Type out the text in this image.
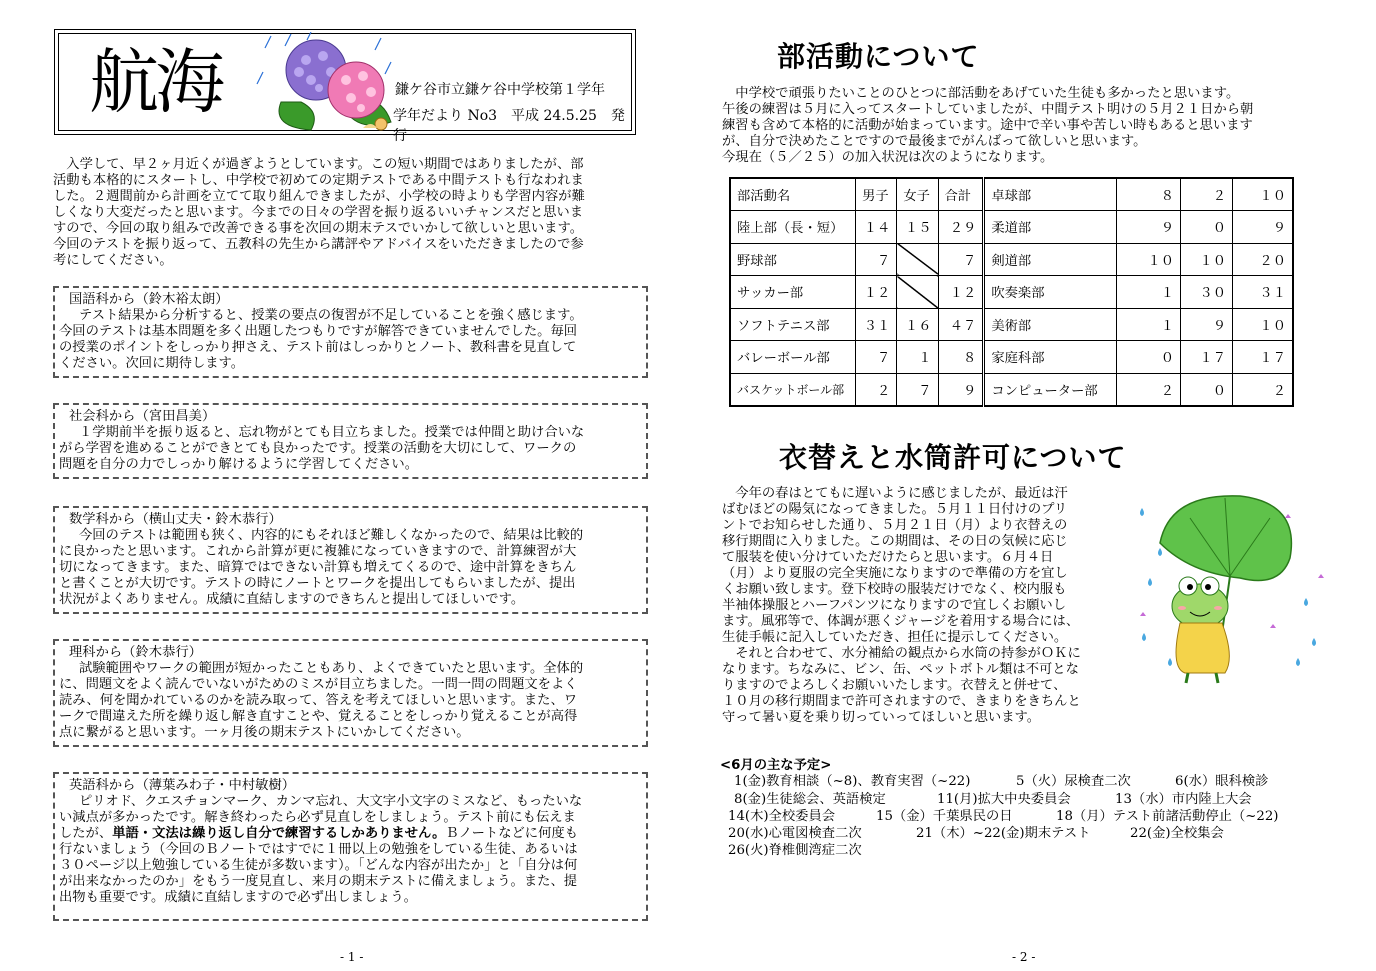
航海	鎌ケ谷市立鎌ケ谷中学校第１学年
学年だより No3　平成 24.5.25　発行
入学して、早２ヶ月近くが過ぎようとしています。この短い期間ではありましたが、部
活動も本格的にスタートし、中学校で初めての定期テストである中間テストも行なわれま
した。２週間前から計画を立てて取り組んできましたが、小学校の時よりも学習内容が難
しくなり大変だったと思います。今までの日々の学習を振り返るいいチャンスだと思いま
すので、今回の取り組みで改善できる事を次回の期末テスでいかして欲しいと思います。
今回のテストを振り返って、五教科の先生から講評やアドバイスをいただきましたので参
考にしてください。
国語科から（鈴木裕太朗）
テスト結果から分析すると、授業の要点の復習が不足していることを強く感じます。
今回のテストは基本問題を多く出題したつもりですが解答できていませんでした。毎回
の授業のポイントをしっかり押さえ、テスト前はしっかりとノート、教科書を見直して
ください。次回に期待します。
社会科から（宮田昌美）
１学期前半を振り返ると、忘れ物がとても目立ちました。授業では仲間と助け合いな
がら学習を進めることができとても良かったです。授業の活動を大切にして、ワークの
問題を自分の力でしっかり解けるように学習してください。
数学科から（横山丈夫・鈴木恭行）
今回のテストは範囲も狭く、内容的にもそれほど難しくなかったので、結果は比較的
に良かったと思います。これから計算が更に複雑になっていきますので、計算練習が大
切になってきます。また、暗算ではできない計算も増えてくるので、途中計算をきちん
と書くことが大切です。テストの時にノートとワークを提出してもらいましたが、提出
状況がよくありません。成績に直結しますのできちんと提出してほしいです。
理科から（鈴木恭行）
試験範囲やワークの範囲が短かったこともあり、よくできていたと思います。全体的
に、問題文をよく読んでいないがためのミスが目立ちました。一問一問の問題文をよく
読み、何を聞かれているのかを読み取って、答えを考えてほしいと思います。また、ワ
ークで間違えた所を繰り返し解き直すことや、覚えることをしっかり覚えることが高得
点に繋がると思います。一ヶ月後の期末テストにいかしてください。
英語科から（薄葉みわ子・中村敏樹）
ピリオド、クエスチョンマーク、カンマ忘れ、大文字小文字のミスなど、もったいな
い減点が多かったです。解き終わったら必ず見直しをしましょう。テスト前にも伝えま
したが、単語・文法は繰り返し自分で練習するしかありません。Ｂノートなどに何度も
行ないましょう（今回のＢノートではすでに１冊以上の勉強をしている生徒、あるいは
３０ページ以上勉強している生徒が多数います）。「どんな内容が出たか」と「自分は何
が出来なかったのか」をもう一度見直し、来月の期末テストに備えましょう。また、提
出物も重要です。成績に直結しますので必ず出しましょう。
- 1 -
部活動について
中学校で頑張りたいことのひとつに部活動をあげていた生徒も多かったと思います。
午後の練習は５月に入ってスタートしていましたが、中間テスト明けの５月２１日から朝
練習も含めて本格的に活動が始まっています。途中で辛い事や苦しい時もあると思います
が、自分で決めたことですので最後までがんばって欲しいと思います。
今現在（５／２５）の加入状況は次のようになります。
部活動名	男子	女子	合計	卓球部	８	２	１０
陸上部（長・短）	１４	１５	２９	柔道部	９	０	９
野球部	７		７	剣道部	１０	１０	２０
サッカー部	１２		１２	吹奏楽部	１	３０	３１
ソフトテニス部	３１	１６	４７	美術部	１	９	１０
バレーボール部	７	１	８	家庭科部	０	１７	１７
バスケットボール部	２	７	９	コンピューター部	２	０	２
衣替えと水筒許可について
今年の春はとてもに遅いように感じましたが、最近は汗
ばむほどの陽気になってきました。５月１１日付けのプリ
ントでお知らせした通り、５月２１日（月）より衣替えの
移行期間に入りました。この期間は、その日の気候に応じ
て服装を使い分けていただけたらと思います。６月４日
（月）より夏服の完全実施になりますので準備の方を宜し
くお願い致します。登下校時の服装だけでなく、校内服も
半袖体操服とハーフパンツになりますので宜しくお願いし
ます。風邪等で、体調が悪くジャージを着用する場合には、
生徒手帳に記入していただき、担任に提示してください。
それと合わせて、水分補給の観点から水筒の持参がＯＫに
なります。ちなみに、ビン、缶、ペットボトル類は不可とな
りますのでよろしくお願いいたします。衣替えと併せて、
１０月の移行期間まで許可されますので、きまりをきちんと
守って暑い夏を乗り切っていってほしいと思います。
<6月の主な予定>
1(金)教育相談（~8)、教育実習（~22)	5（火）尿検査二次	6(水）眼科検診
8(金)生徒総会、英語検定	11(月)拡大中央委員会	13（水）市内陸上大会
14(木)全校委員会	15（金）千葉県民の日	18（月）テスト前諸活動停止（~22)
20(水)心電図検査二次	21（木）~22(金)期末テスト	22(金)全校集会
26(火)脊椎側湾症二次
- 2 -
